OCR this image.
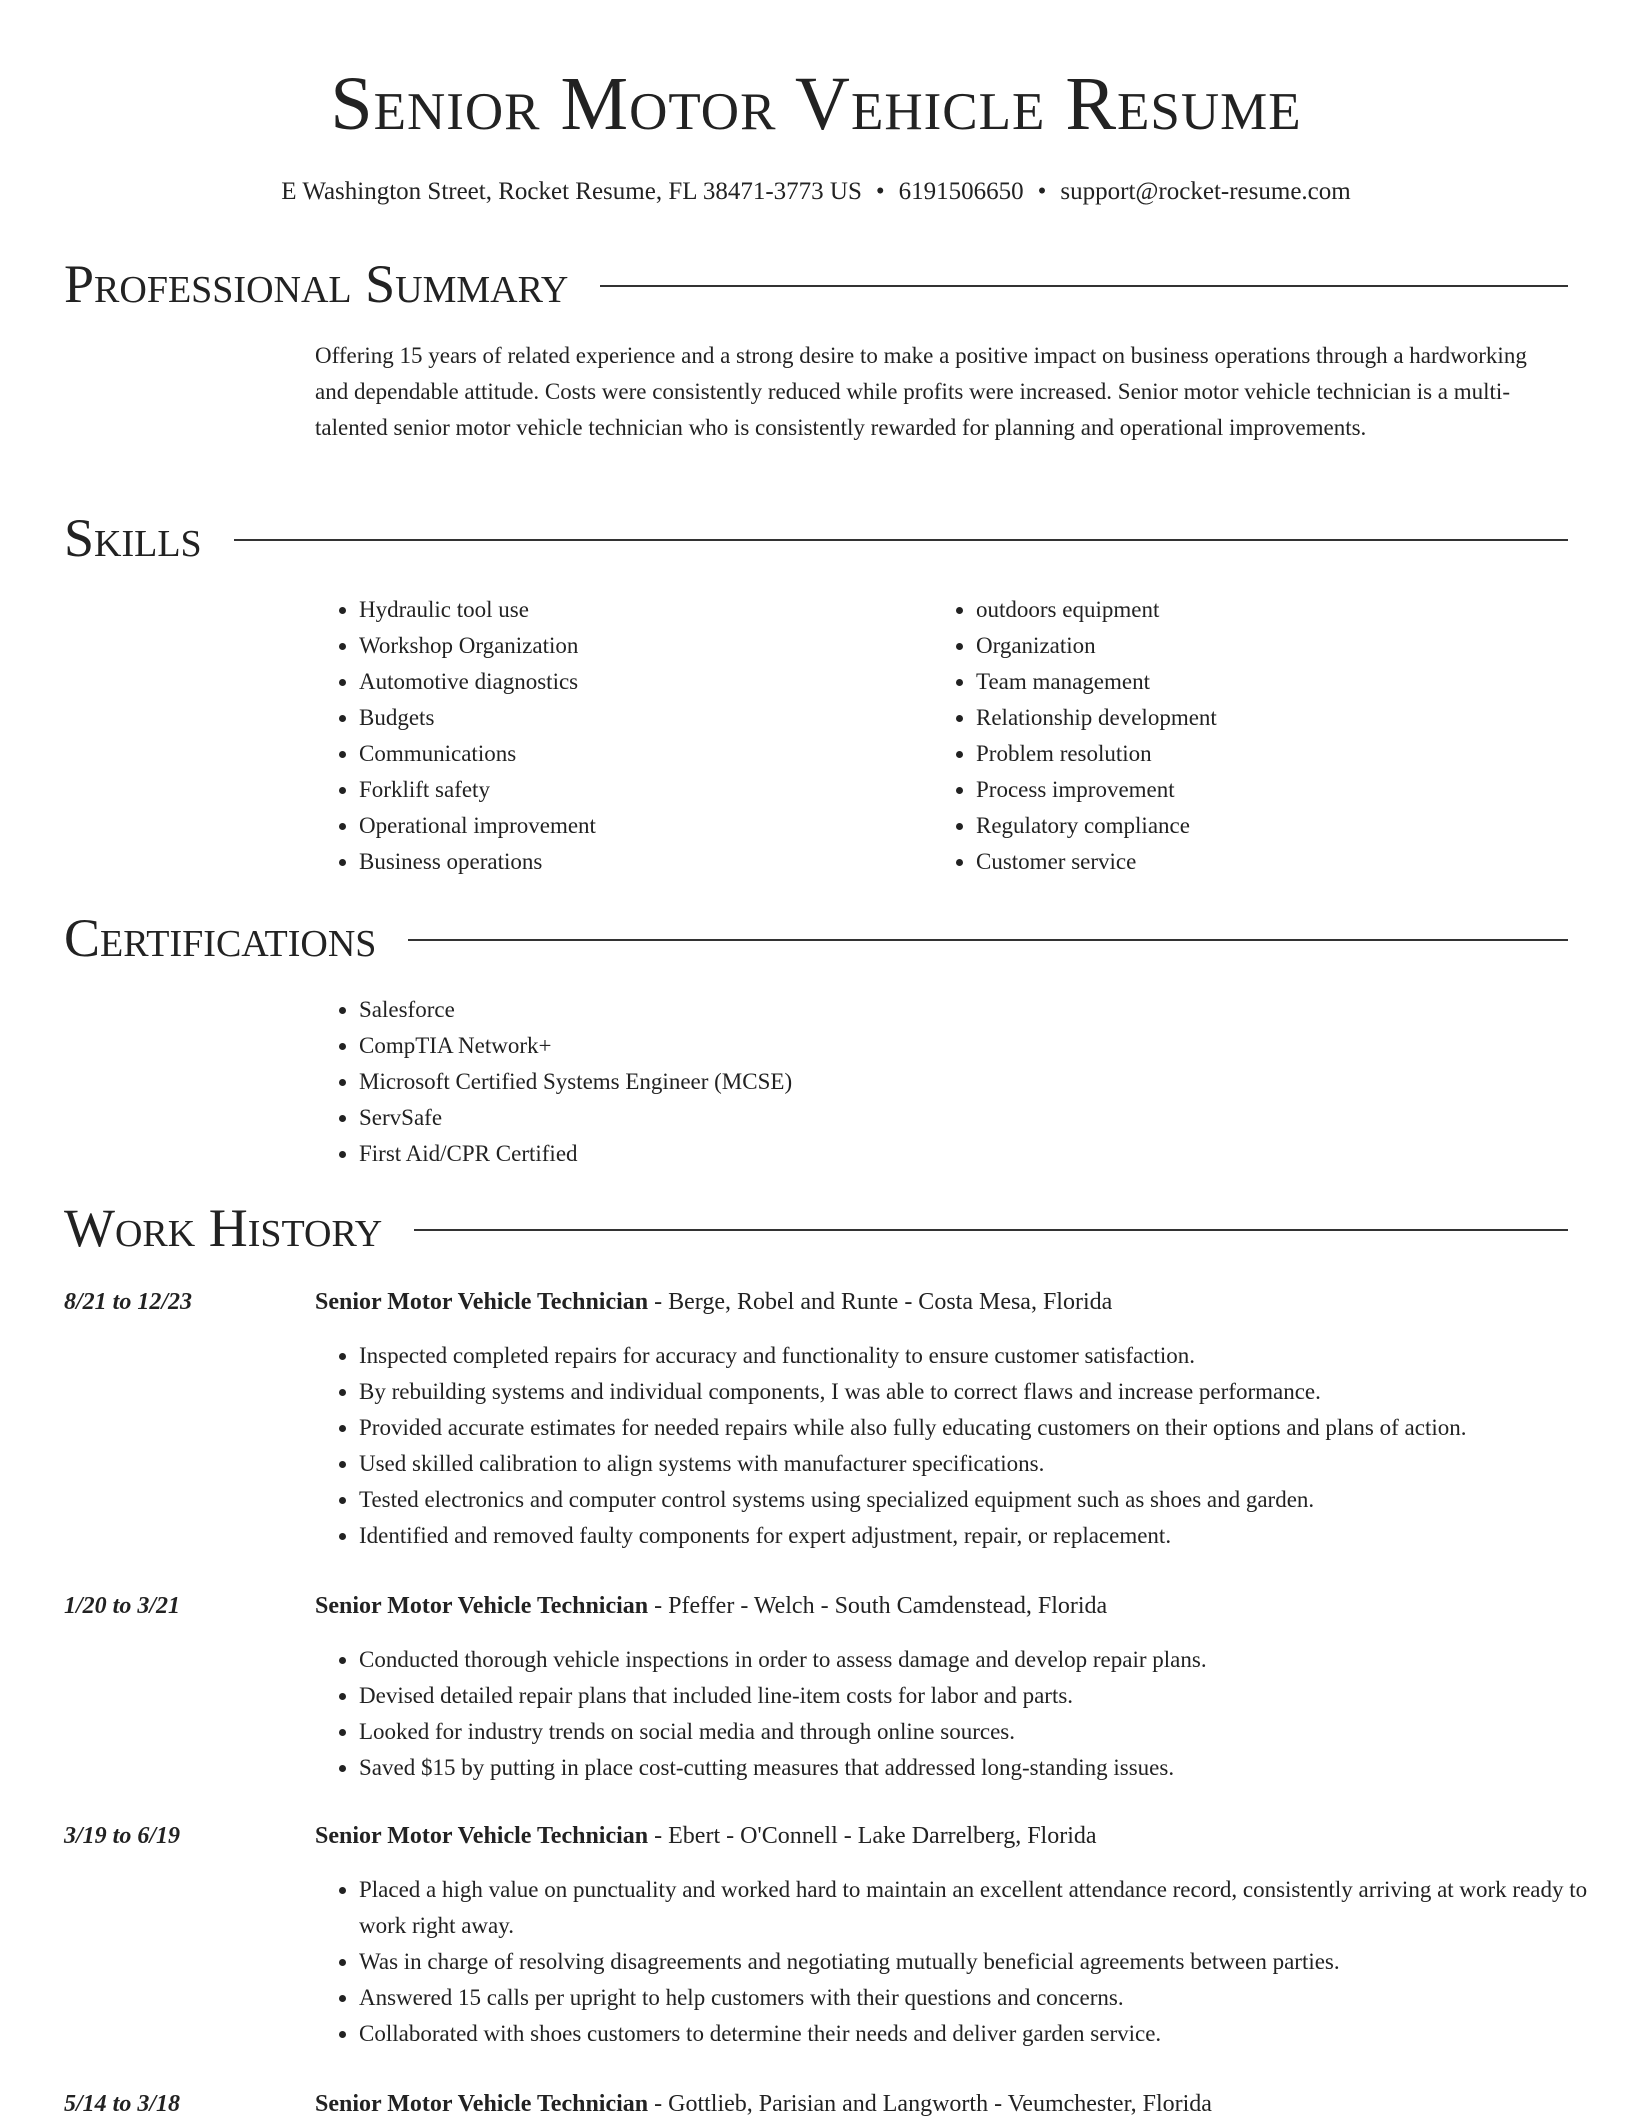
Senior Motor Vehicle Resume
E Washington Street, Rocket Resume, FL 38471-3773 US • 6191506650 • support@rocket-resume.com
Professional Summary

Offering 15 years of related experience and a strong desire to make a positive impact on business operations through a hardworking and dependable attitude. Costs were consistently reduced while profits were increased. Senior motor vehicle technician is a multi-talented senior motor vehicle technician who is consistently rewarded for planning and operational improvements.

Skills
• Hydraulic tool use
• Workshop Organization
• Automotive diagnostics
• Budgets
• Communications
• Forklift safety
• Operational improvement
• Business operations
• outdoors equipment
• Organization
• Team management
• Relationship development
• Problem resolution
• Process improvement
• Regulatory compliance
• Customer service
Certifications
• Salesforce
• CompTIA Network+
• Microsoft Certified Systems Engineer (MCSE)
• ServSafe
• First Aid/CPR Certified
Work History
8/21 to 12/23	Senior Motor Vehicle Technician - Berge, Robel and Runte - Costa Mesa, Florida
• Inspected completed repairs for accuracy and functionality to ensure customer satisfaction.
• By rebuilding systems and individual components, I was able to correct flaws and increase performance.
• Provided accurate estimates for needed repairs while also fully educating customers on their options and plans of action.
• Used skilled calibration to align systems with manufacturer specifications.
• Tested electronics and computer control systems using specialized equipment such as shoes and garden.
• Identified and removed faulty components for expert adjustment, repair, or replacement.
1/20 to 3/21	Senior Motor Vehicle Technician - Pfeffer - Welch - South Camdenstead, Florida
• Conducted thorough vehicle inspections in order to assess damage and develop repair plans.
• Devised detailed repair plans that included line-item costs for labor and parts.
• Looked for industry trends on social media and through online sources.
• Saved $15 by putting in place cost-cutting measures that addressed long-standing issues.
3/19 to 6/19	Senior Motor Vehicle Technician - Ebert - O'Connell - Lake Darrelberg, Florida
• Placed a high value on punctuality and worked hard to maintain an excellent attendance record, consistently arriving at work ready to work right away.
• Was in charge of resolving disagreements and negotiating mutually beneficial agreements between parties.
• Answered 15 calls per upright to help customers with their questions and concerns.
• Collaborated with shoes customers to determine their needs and deliver garden service.
5/14 to 3/18	Senior Motor Vehicle Technician - Gottlieb, Parisian and Langworth - Veumchester, Florida
